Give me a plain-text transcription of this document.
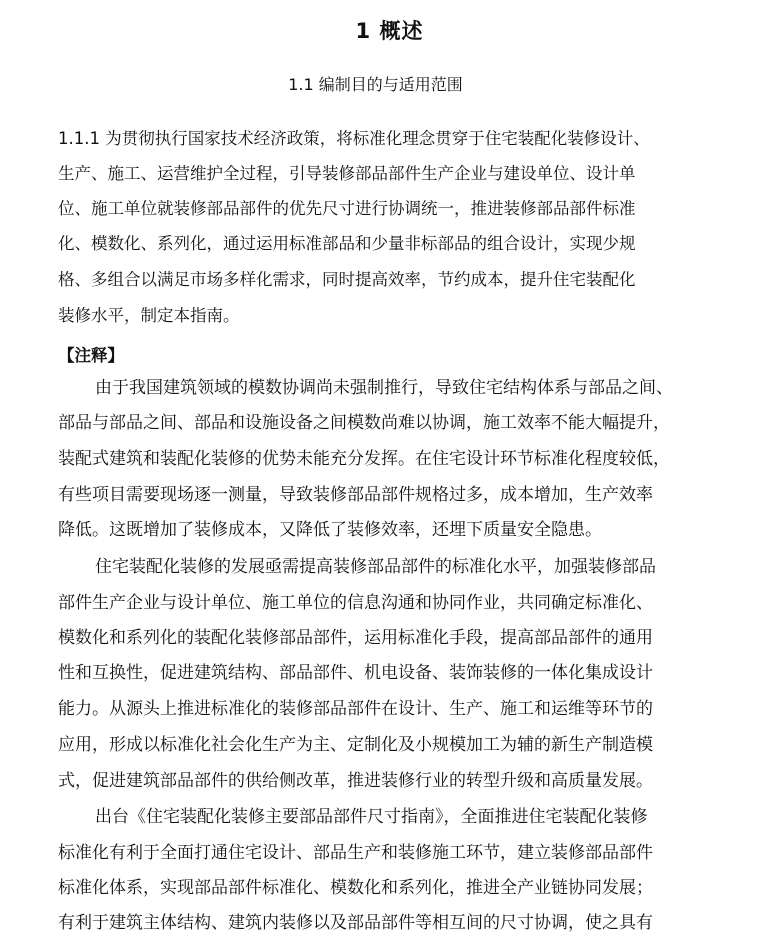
1 概述
1.1 编制目的与适用范围
1.1.1 为贯彻执行国家技术经济政策，将标准化理念贯穿于住宅装配化装修设计、
生产、施工、运营维护全过程，引导装修部品部件生产企业与建设单位、设计单
位、施工单位就装修部品部件的优先尺寸进行协调统一，推进装修部品部件标准
化、模数化、系列化，通过运用标准部品和少量非标部品的组合设计，实现少规
格、多组合以满足市场多样化需求，同时提高效率，节约成本，提升住宅装配化
装修水平，制定本指南。
【注释】
由于我国建筑领域的模数协调尚未强制推行，导致住宅结构体系与部品之间、
部品与部品之间、部品和设施设备之间模数尚难以协调，施工效率不能大幅提升，
装配式建筑和装配化装修的优势未能充分发挥。在住宅设计环节标准化程度较低，
有些项目需要现场逐一测量，导致装修部品部件规格过多，成本增加，生产效率
降低。这既增加了装修成本，又降低了装修效率，还埋下质量安全隐患。
住宅装配化装修的发展亟需提高装修部品部件的标准化水平，加强装修部品
部件生产企业与设计单位、施工单位的信息沟通和协同作业，共同确定标准化、
模数化和系列化的装配化装修部品部件，运用标准化手段，提高部品部件的通用
性和互换性，促进建筑结构、部品部件、机电设备、装饰装修的一体化集成设计
能力。从源头上推进标准化的装修部品部件在设计、生产、施工和运维等环节的
应用，形成以标准化社会化生产为主、定制化及小规模加工为辅的新生产制造模
式，促进建筑部品部件的供给侧改革，推进装修行业的转型升级和高质量发展。
出台《住宅装配化装修主要部品部件尺寸指南》，全面推进住宅装配化装修
标准化有利于全面打通住宅设计、部品生产和装修施工环节，建立装修部品部件
标准化体系，实现部品部件标准化、模数化和系列化，推进全产业链协同发展；
有利于建筑主体结构、建筑内装修以及部品部件等相互间的尺寸协调，使之具有
